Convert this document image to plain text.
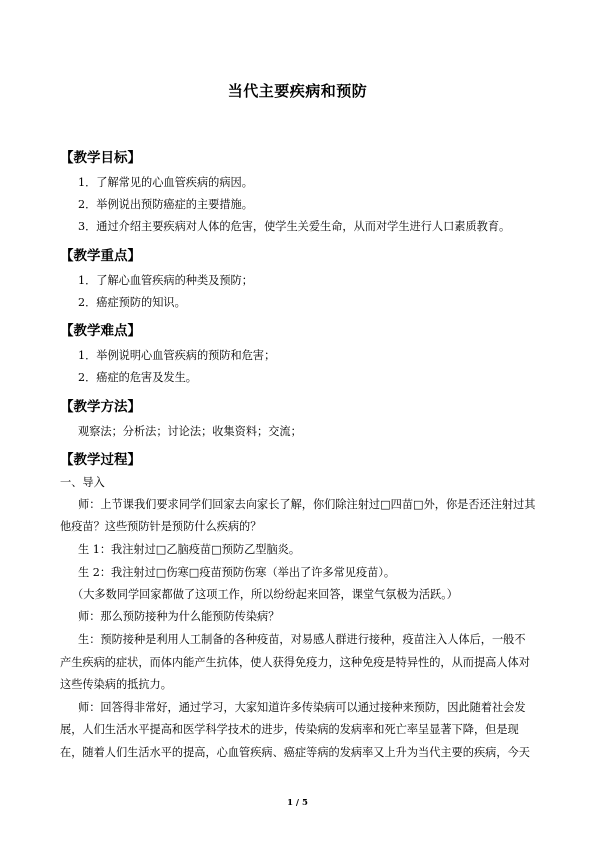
当代主要疾病和预防
【教学目标】
1．了解常见的心血管疾病的病因。
2．举例说出预防癌症的主要措施。
3．通过介绍主要疾病对人体的危害，使学生关爱生命，从而对学生进行人口素质教育。
【教学重点】
1．了解心血管疾病的种类及预防；
2．癌症预防的知识。
【教学难点】
1．举例说明心血管疾病的预防和危害；
2．癌症的危害及发生。
【教学方法】
观察法；分析法；讨论法；收集资料；交流；
【教学过程】
一、导入
师：上节课我们要求同学们回家去向家长了解，你们除注射过□四苗□外，你是否还注射过其
他疫苗？这些预防针是预防什么疾病的？
生 1：我注射过□乙脑疫苗□预防乙型脑炎。
生 2：我注射过□伤寒□疫苗预防伤寒（举出了许多常见疫苗）。
（大多数同学回家都做了这项工作，所以纷纷起来回答，课堂气氛极为活跃。）
师：那么预防接种为什么能预防传染病？
生：预防接种是利用人工制备的各种疫苗，对易感人群进行接种，疫苗注入人体后，一般不
产生疾病的症状，而体内能产生抗体，使人获得免疫力，这种免疫是特异性的，从而提高人体对
这些传染病的抵抗力。
师：回答得非常好，通过学习，大家知道许多传染病可以通过接种来预防，因此随着社会发
展，人们生活水平提高和医学科学技术的进步，传染病的发病率和死亡率呈显著下降，但是现
在，随着人们生活水平的提高，心血管疾病、癌症等病的发病率又上升为当代主要的疾病，今天
1 / 5
